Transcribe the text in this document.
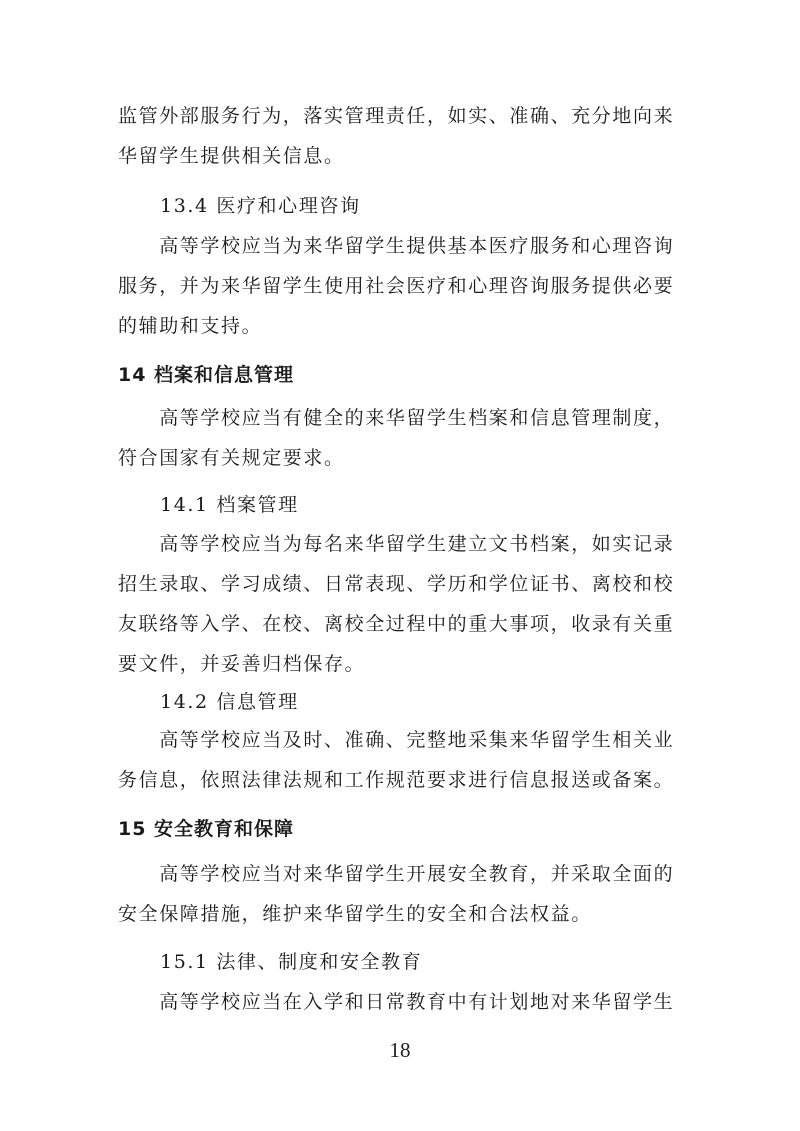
监管外部服务行为，落实管理责任，如实、准确、充分地向来
华留学生提供相关信息。
13.4 医疗和心理咨询
　　高等学校应当为来华留学生提供基本医疗服务和心理咨询
服务，并为来华留学生使用社会医疗和心理咨询服务提供必要
的辅助和支持。
14 档案和信息管理
　　高等学校应当有健全的来华留学生档案和信息管理制度，
符合国家有关规定要求。
14.1 档案管理
　　高等学校应当为每名来华留学生建立文书档案，如实记录
招生录取、学习成绩、日常表现、学历和学位证书、离校和校
友联络等入学、在校、离校全过程中的重大事项，收录有关重
要文件，并妥善归档保存。
14.2 信息管理
　　高等学校应当及时、准确、完整地采集来华留学生相关业
务信息，依照法律法规和工作规范要求进行信息报送或备案。
15 安全教育和保障
　　高等学校应当对来华留学生开展安全教育，并采取全面的
安全保障措施，维护来华留学生的安全和合法权益。
15.1 法律、制度和安全教育
　　高等学校应当在入学和日常教育中有计划地对来华留学生
18
